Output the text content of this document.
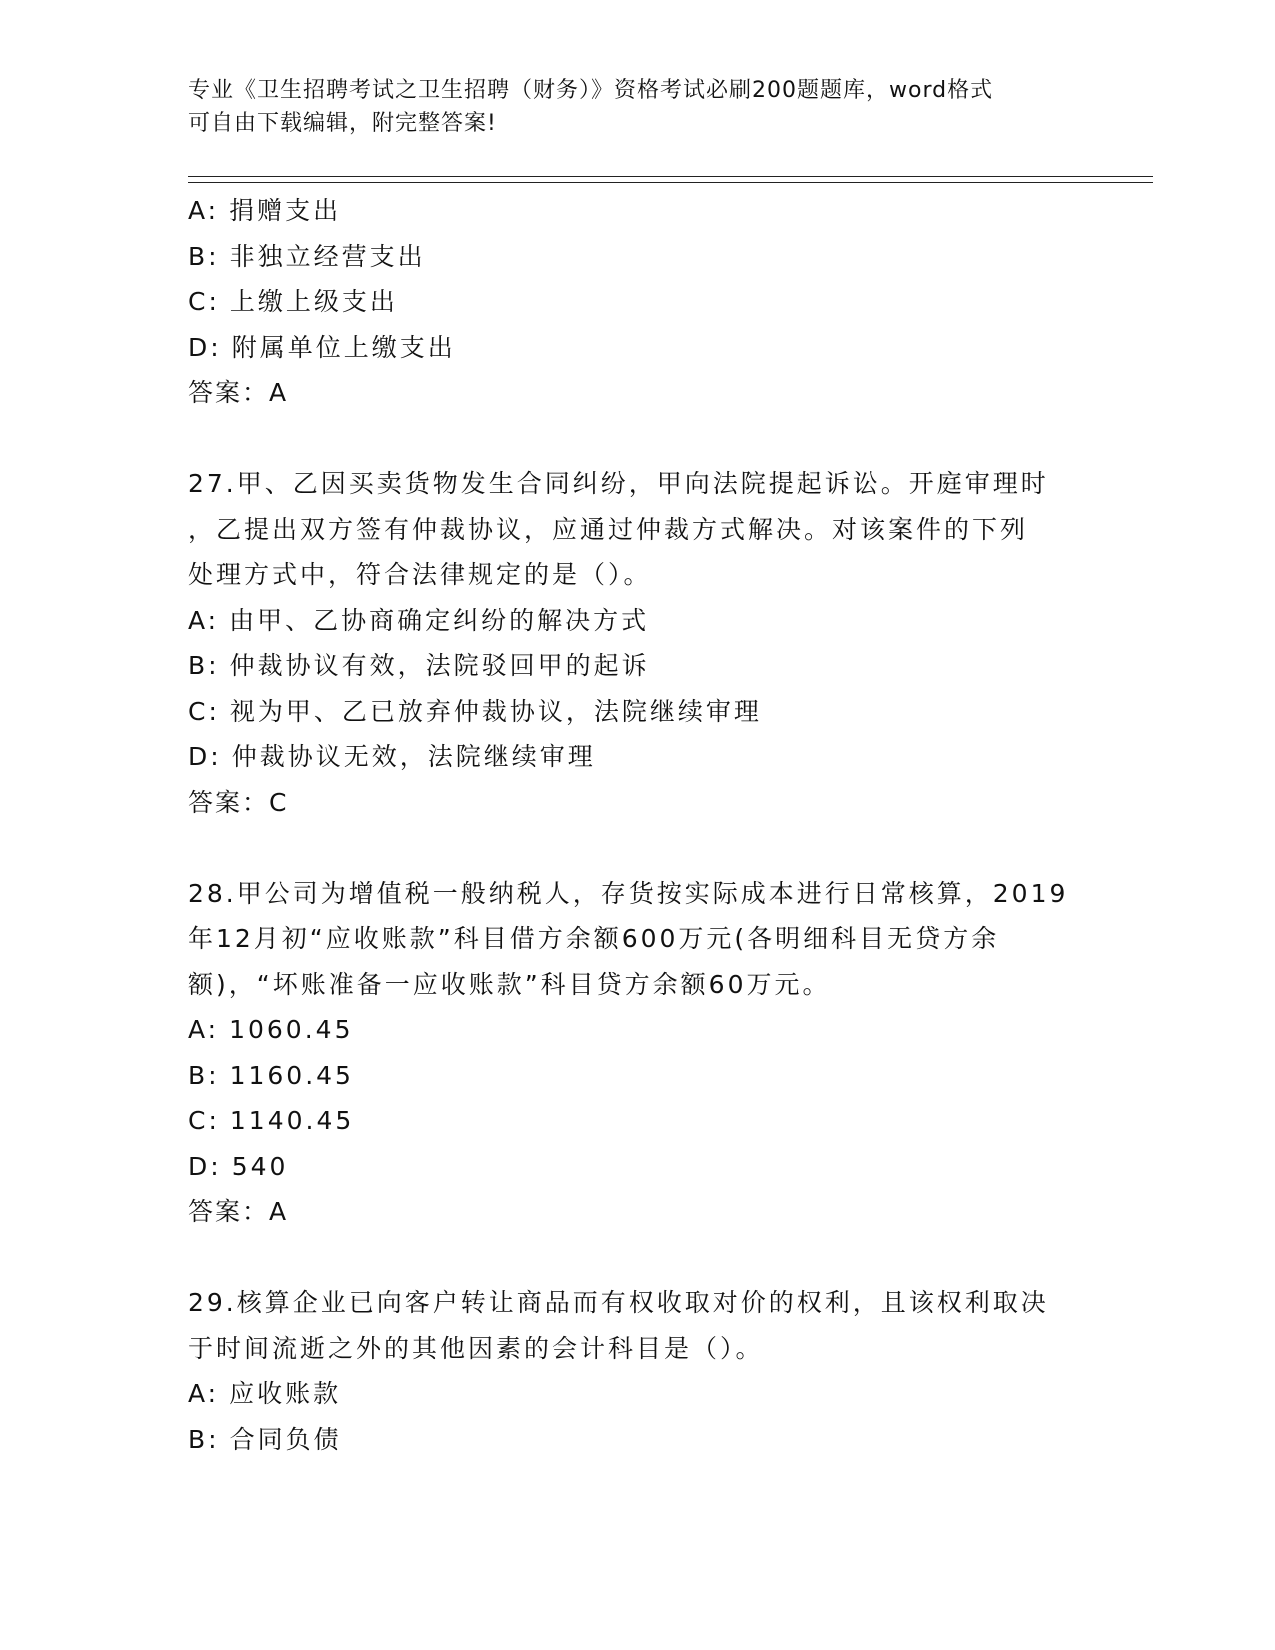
专业《卫生招聘考试之卫生招聘（财务）》资格考试必刷200题题库，word格式
可自由下载编辑，附完整答案!
A: 捐赠支出
B: 非独立经营支出
C: 上缴上级支出
D: 附属单位上缴支出
答案：A
27.甲、乙因买卖货物发生合同纠纷，甲向法院提起诉讼。开庭审理时
，乙提出双方签有仲裁协议，应通过仲裁方式解决。对该案件的下列
处理方式中，符合法律规定的是（）。
A: 由甲、乙协商确定纠纷的解决方式
B: 仲裁协议有效，法院驳回甲的起诉
C: 视为甲、乙已放弃仲裁协议，法院继续审理
D: 仲裁协议无效，法院继续审理
答案：C
28.甲公司为增值税一般纳税人，存货按实际成本进行日常核算，2019
年12月初“应收账款”科目借方余额600万元(各明细科目无贷方余
额)，“坏账准备一应收账款”科目贷方余额60万元。
A: 1060.45
B: 1160.45
C: 1140.45
D: 540
答案：A
29.核算企业已向客户转让商品而有权收取对价的权利，且该权利取决
于时间流逝之外的其他因素的会计科目是（）。
A: 应收账款
B: 合同负债
